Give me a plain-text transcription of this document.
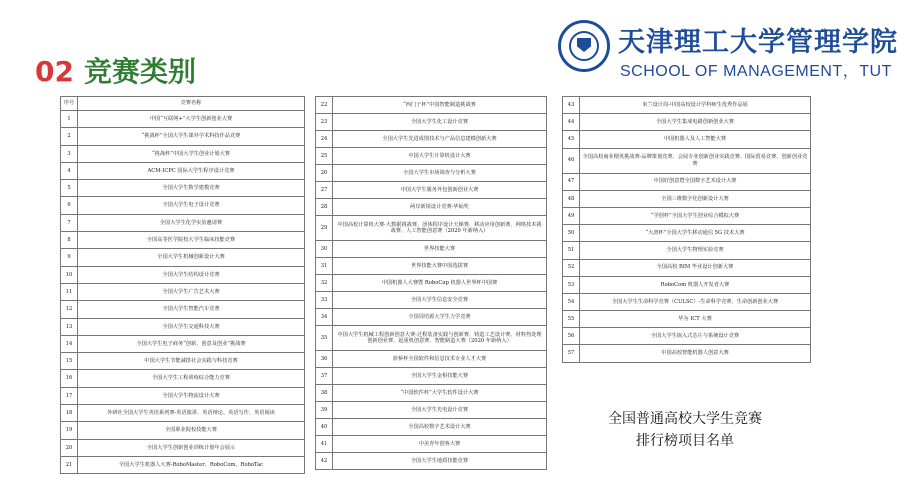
02 竞赛类别
天津理工大学管理学院
SCHOOL OF MANAGEMENT，TUT
序号	竞赛名称
1	中国“互联网+”大学生创新创业大赛
2	“挑战杯”全国大学生课外学术科技作品竞赛
3	“挑战杯”中国大学生创业计划大赛
4	ACM-ICPC 国际大学生程序设计竞赛
5	全国大学生数学建模竞赛
6	全国大学生电子设计竞赛
7	全国大学生化学实验邀请赛
8	全国高等医学院校大学生临床技能竞赛
9	全国大学生机械创新设计大赛
10	全国大学生结构设计竞赛
11	全国大学生广告艺术大赛
12	全国大学生智能汽车竞赛
13	全国大学生交通科技大赛
14	全国大学生电子商务“创新、创意及创业”挑战赛
15	中国大学生节能减排社会实践与科技竞赛
16	全国大学生工程训练综合能力竞赛
17	全国大学生物流设计大赛
18	外研社全国大学生英语系列赛-英语演讲、英语辩论、英语写作、英语阅读
19	全国职业院校技能大赛
20	全国大学生创新创业训练计划年会展示
21	全国大学生机器人大赛-RoboMaster、RoboCom、RoboTac
22	“西门子杯”中国智能制造挑战赛
23	全国大学生化工设计竞赛
24	全国大学生先进成图技术与产品信息建模创新大赛
25	中国大学生计算机设计大赛
26	全国大学生市场调查与分析大赛
27	中国大学生服务外包创新创业大赛
28	两岸新锐设计竞赛·华灿奖
29	中国高校计算机大赛-大数据挑战赛、团体程序设计天梯赛、移动应用创新赛、网络技术挑战赛、人工智能创意赛（2020 年新纳入）
30	世界技能大赛
31	世界技能大赛中国选拔赛
32	中国机器人大赛暨 RoboCup 机器人世界杯中国赛
33	全国大学生信息安全竞赛
34	全国周培源大学生力学竞赛
35	中国大学生机械工程创新创意大赛-过程装备实践与创新赛、铸造工艺设计赛、材料热处理创新创业赛、起重机创意赛、智能制造大赛（2020 年新纳入）
36	蓝桥杯全国软件和信息技术专业人才大赛
37	全国大学生金相技能大赛
38	“中国软件杯”大学生软件设计大赛
39	全国大学生光电设计竞赛
40	全国高校数字艺术设计大赛
41	中美青年创客大赛
42	全国大学生地质技能竞赛
43	米兰设计周-中国高校设计学科师生优秀作品展
44	全国大学生集成电路创新创业大赛
45	中国机器人及人工智能大赛
46	全国高校商业精英挑战赛-品牌策划竞赛、会展专业创新创业实践竞赛、国际贸易竞赛、创新创业竞赛
47	中国好创意暨全国数字艺术设计大赛
48	全国三维数字化创新设计大赛
49	“学创杯”全国大学生创业综合模拟大赛
50	“大唐杯”全国大学生移动通信 5G 技术大赛
51	全国大学生物理实验竞赛
52	全国高校 BIM 毕业设计创新大赛
53	RoboCom 机器人开发者大赛
54	全国大学生生命科学竞赛（CULSC）-生命科学竞赛、生命创新创业大赛
55	华为 ICT 大赛
56	全国大学生嵌入式芯片与系统设计竞赛
57	中国高校智能机器人创意大赛
全国普通高校大学生竞赛
排行榜项目名单
